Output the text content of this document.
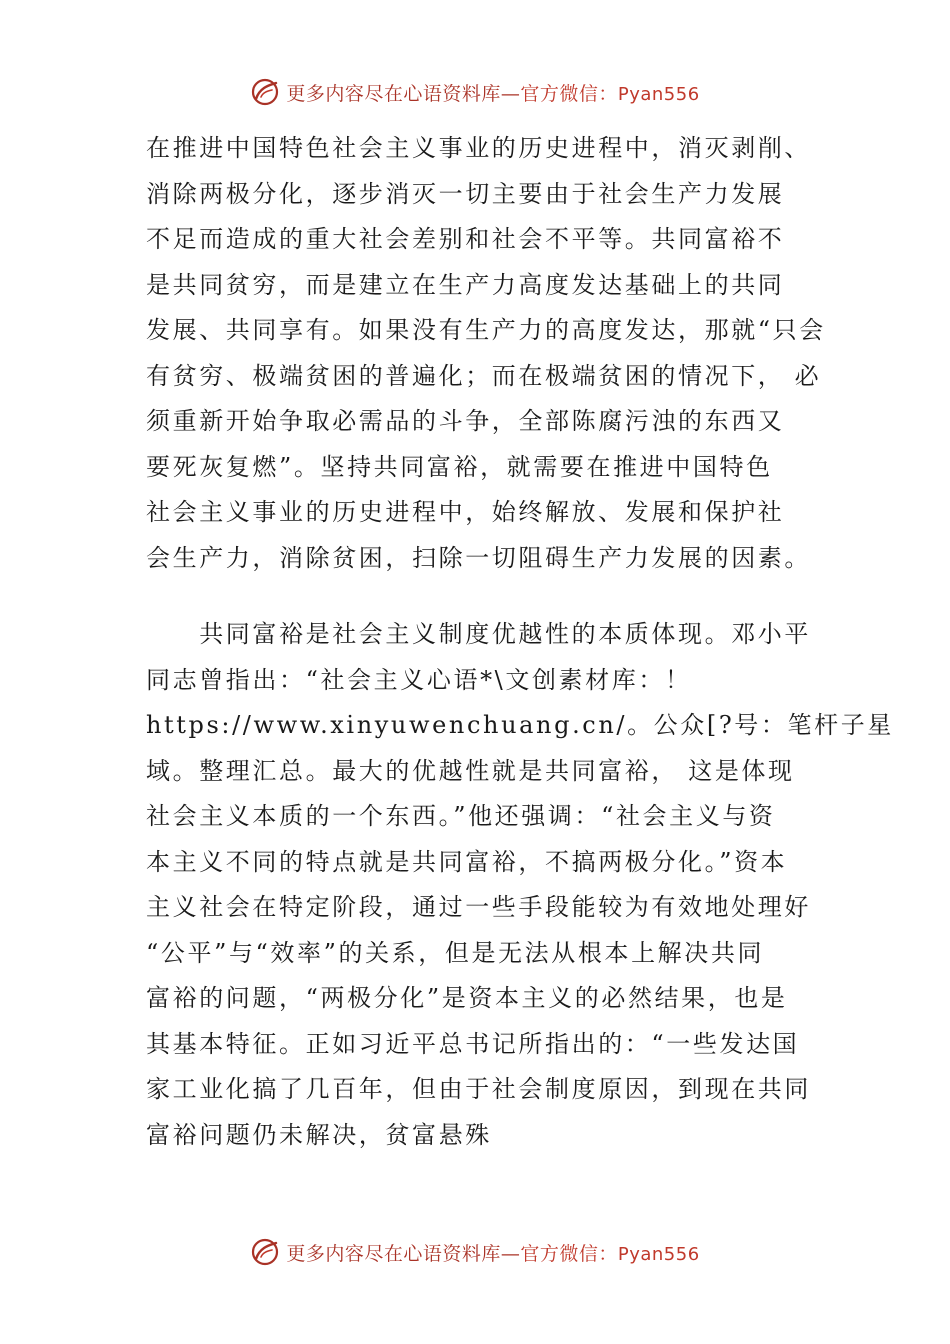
更多内容尽在心语资料库—官方微信：Pyan556
在推进中国特色社会主义事业的历史进程中，消灭剥削、
消除两极分化，逐步消灭一切主要由于社会生产力发展
不足而造成的重大社会差别和社会不平等。共同富裕不
是共同贫穷，而是建立在生产力高度发达基础上的共同
发展、共同享有。如果没有生产力的高度发达，那就“只会
有贫穷、极端贫困的普遍化；而在极端贫困的情况下， 必
须重新开始争取必需品的斗争，全部陈腐污浊的东西又
要死灰复燃”。坚持共同富裕，就需要在推进中国特色
社会主义事业的历史进程中，始终解放、发展和保护社
会生产力，消除贫困，扫除一切阻碍生产力发展的因素。
　　共同富裕是社会主义制度优越性的本质体现。邓小平
同志曾指出：“社会主义心语*\文创素材库：！
https://www.xinyuwenchuang.cn/。公众[?号：笔杆子星
域。整理汇总。最大的优越性就是共同富裕， 这是体现
社会主义本质的一个东西。”他还强调：“社会主义与资
本主义不同的特点就是共同富裕，不搞两极分化。”资本
主义社会在特定阶段，通过一些手段能较为有效地处理好
“公平”与“效率”的关系，但是无法从根本上解决共同
富裕的问题，“两极分化”是资本主义的必然结果，也是
其基本特征。正如习近平总书记所指出的：“一些发达国
家工业化搞了几百年，但由于社会制度原因，到现在共同
富裕问题仍未解决，贫富悬殊
更多内容尽在心语资料库—官方微信：Pyan556
